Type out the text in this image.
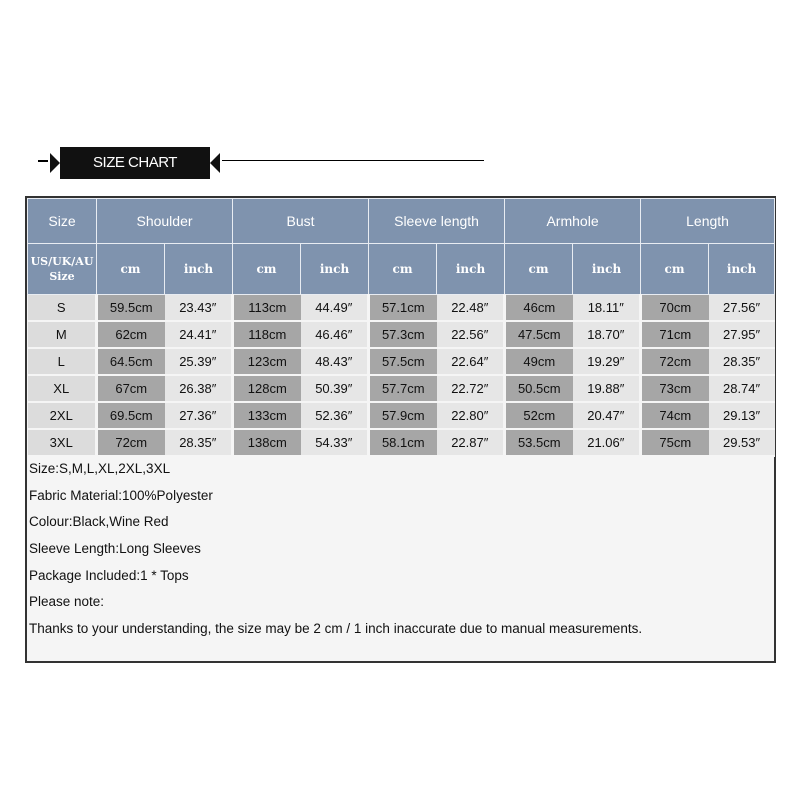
SIZE CHART
Size	Shoulder		Bust		Sleeve length		Armhole		Length	

US/UK/AU
Size	cm	inch	cm	inch	cm	inch	cm	inch	cm	inch
S	59.5cm	23.43″	113cm	44.49″	57.1cm	22.48″	46cm	18.11″	70cm	27.56″
M	62cm	24.41″	118cm	46.46″	57.3cm	22.56″	47.5cm	18.70″	71cm	27.95″
L	64.5cm	25.39″	123cm	48.43″	57.5cm	22.64″	49cm	19.29″	72cm	28.35″
XL	67cm	26.38″	128cm	50.39″	57.7cm	22.72″	50.5cm	19.88″	73cm	28.74″
2XL	69.5cm	27.36″	133cm	52.36″	57.9cm	22.80″	52cm	20.47″	74cm	29.13″
3XL	72cm	28.35″	138cm	54.33″	58.1cm	22.87″	53.5cm	21.06″	75cm	29.53″
Size:S,M,L,XL,2XL,3XL
Fabric Material:100%Polyester
Colour:Black,Wine Red
Sleeve Length:Long Sleeves
Package Included:1 * Tops
Please note:
Thanks to your understanding, the size may be 2 cm / 1 inch inaccurate due to manual measurements.
